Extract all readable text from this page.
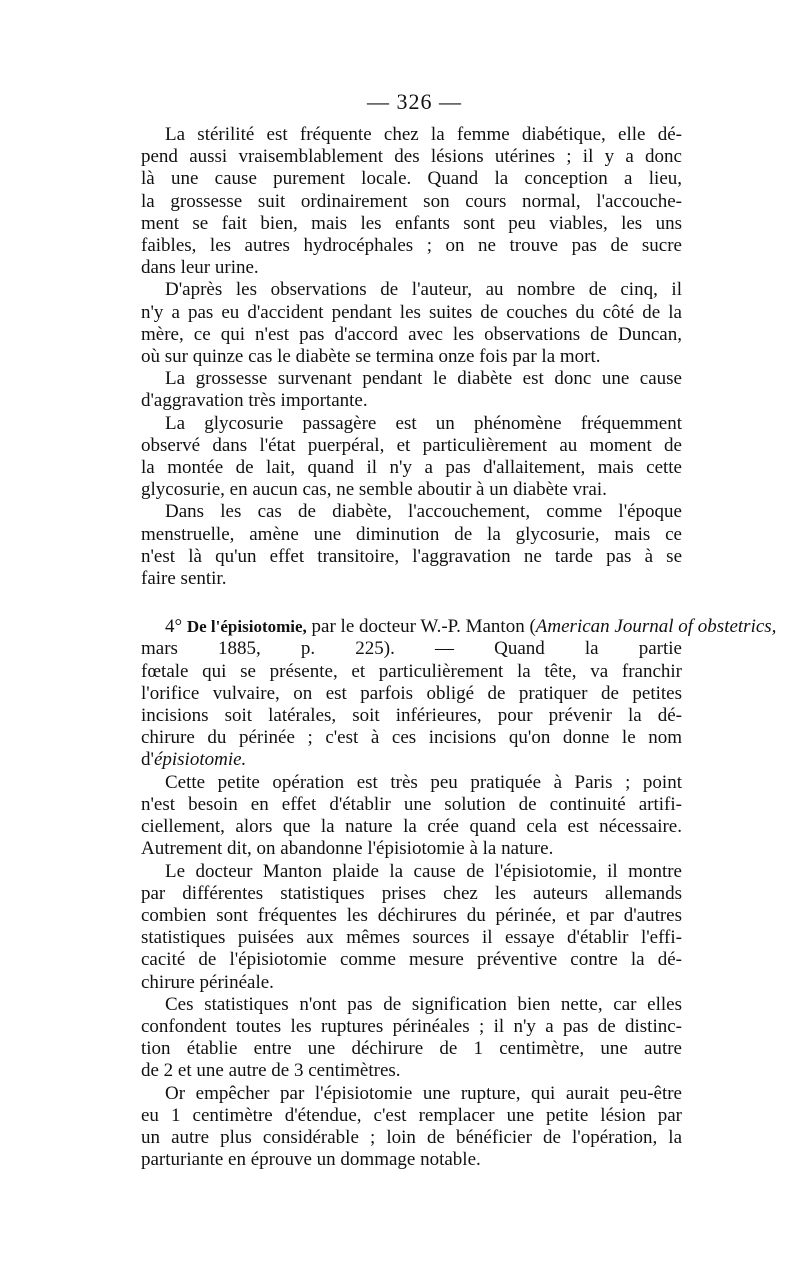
— 326 —
La stérilité est fréquente chez la femme diabétique, elle dé-
pend aussi vraisemblablement des lésions utérines ; il y a donc
là une cause purement locale. Quand la conception a lieu,
la grossesse suit ordinairement son cours normal, l'accouche-
ment se fait bien, mais les enfants sont peu viables, les uns
faibles, les autres hydrocéphales ; on ne trouve pas de sucre
dans leur urine.
D'après les observations de l'auteur, au nombre de cinq, il
n'y a pas eu d'accident pendant les suites de couches du côté de la
mère, ce qui n'est pas d'accord avec les observations de Duncan,
où sur quinze cas le diabète se termina onze fois par la mort.
La grossesse survenant pendant le diabète est donc une cause
d'aggravation très importante.
La glycosurie passagère est un phénomène fréquemment
observé dans l'état puerpéral, et particulièrement au moment de
la montée de lait, quand il n'y a pas d'allaitement, mais cette
glycosurie, en aucun cas, ne semble aboutir à un diabète vrai.
Dans les cas de diabète, l'accouchement, comme l'époque
menstruelle, amène une diminution de la glycosurie, mais ce
n'est là qu'un effet transitoire, l'aggravation ne tarde pas à se
faire sentir.
4° De l'épisiotomie, par le docteur W.-P. Manton (American Journal of obstetrics,
mars 1885, p. 225). — Quand la partie
fœtale qui se présente, et particulièrement la tête, va franchir
l'orifice vulvaire, on est parfois obligé de pratiquer de petites
incisions soit latérales, soit inférieures, pour prévenir la dé-
chirure du périnée ; c'est à ces incisions qu'on donne le nom
d'épisiotomie.
Cette petite opération est très peu pratiquée à Paris ; point
n'est besoin en effet d'établir une solution de continuité artifi-
ciellement, alors que la nature la crée quand cela est nécessaire.
Autrement dit, on abandonne l'épisiotomie à la nature.
Le docteur Manton plaide la cause de l'épisiotomie, il montre
par différentes statistiques prises chez les auteurs allemands
combien sont fréquentes les déchirures du périnée, et par d'autres
statistiques puisées aux mêmes sources il essaye d'établir l'effi-
cacité de l'épisiotomie comme mesure préventive contre la dé-
chirure périnéale.
Ces statistiques n'ont pas de signification bien nette, car elles
confondent toutes les ruptures périnéales ; il n'y a pas de distinc-
tion établie entre une déchirure de 1 centimètre, une autre
de 2 et une autre de 3 centimètres.
Or empêcher par l'épisiotomie une rupture, qui aurait peu-être
eu 1 centimètre d'étendue, c'est remplacer une petite lésion par
un autre plus considérable ; loin de bénéficier de l'opération, la
parturiante en éprouve un dommage notable.
